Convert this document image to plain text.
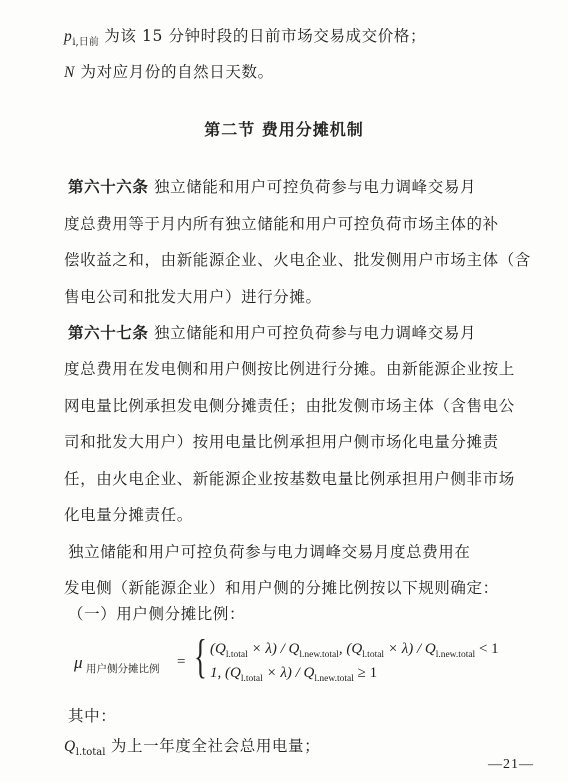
$p_{i,日前}$ 为该 15 分钟时段的日前市场交易成交价格；
N 为对应月份的自然日天数。
第二节 费用分摊机制
第六十六条 独立储能和用户可控负荷参与电力调峰交易月
度总费用等于月内所有独立储能和用户可控负荷市场主体的补
偿收益之和，由新能源企业、火电企业、批发侧用户市场主体（含
售电公司和批发大用户）进行分摊。
第六十七条 独立储能和用户可控负荷参与电力调峰交易月
度总费用在发电侧和用户侧按比例进行分摊。由新能源企业按上
网电量比例承担发电侧分摊责任；由批发侧市场主体（含售电公
司和批发大用户）按用电量比例承担用户侧市场化电量分摊责
任，由火电企业、新能源企业按基数电量比例承担用户侧非市场
化电量分摊责任。
独立储能和用户可控负荷参与电力调峰交易月度总费用在
发电侧（新能源企业）和用户侧的分摊比例按以下规则确定：
（一）用户侧分摊比例：
μ 用户侧分摊比例 = { $(Q_{l.total} \times \lambda) / Q_{l.new.total}$, $(Q_{l.total} \times \lambda) / Q_{l.new.total} < 1$
1, $(Q_{l.total} \times \lambda) / Q_{l.new.total} \ge 1$
其中：
$Q_{l.total}$ 为上一年度全社会总用电量；
—21—
